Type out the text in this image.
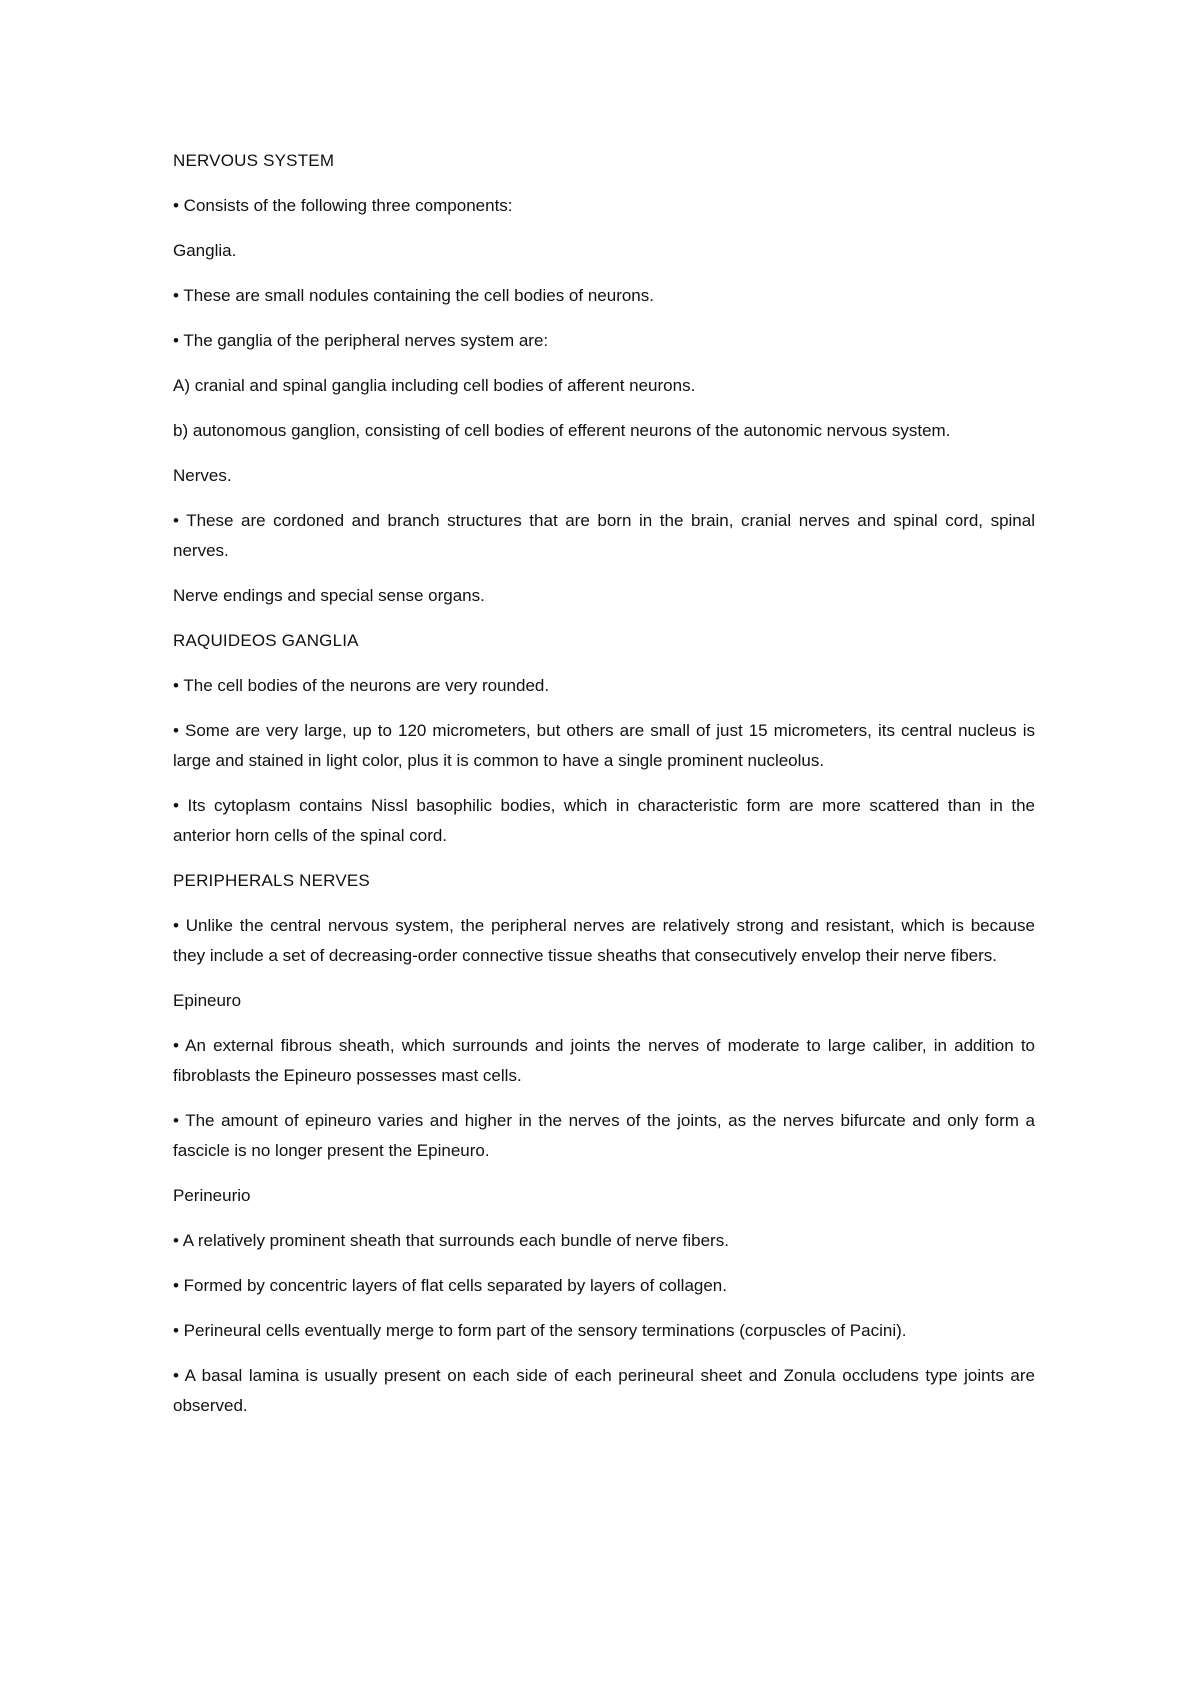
NERVOUS SYSTEM

• Consists of the following three components:

Ganglia.

• These are small nodules containing the cell bodies of neurons.

• The ganglia of the peripheral nerves system are:

A) cranial and spinal ganglia including cell bodies of afferent neurons.

b) autonomous ganglion, consisting of cell bodies of efferent neurons of the autonomic nervous system.

Nerves.

• These are cordoned and branch structures that are born in the brain, cranial nerves and spinal cord, spinal nerves.

Nerve endings and special sense organs.

RAQUIDEOS GANGLIA

• The cell bodies of the neurons are very rounded.

• Some are very large, up to 120 micrometers, but others are small of just 15 micrometers, its central nucleus is large and stained in light color, plus it is common to have a single prominent nucleolus.

• Its cytoplasm contains Nissl basophilic bodies, which in characteristic form are more scattered than in the anterior horn cells of the spinal cord.

PERIPHERALS NERVES

• Unlike the central nervous system, the peripheral nerves are relatively strong and resistant, which is because they include a set of decreasing-order connective tissue sheaths that consecutively envelop their nerve fibers.

Epineuro

• An external fibrous sheath, which surrounds and joints the nerves of moderate to large caliber, in addition to fibroblasts the Epineuro possesses mast cells.

• The amount of epineuro varies and higher in the nerves of the joints, as the nerves bifurcate and only form a fascicle is no longer present the Epineuro.

Perineurio

• A relatively prominent sheath that surrounds each bundle of nerve fibers.

• Formed by concentric layers of flat cells separated by layers of collagen.

• Perineural cells eventually merge to form part of the sensory terminations (corpuscles of Pacini).

• A basal lamina is usually present on each side of each perineural sheet and Zonula occludens type joints are observed.
